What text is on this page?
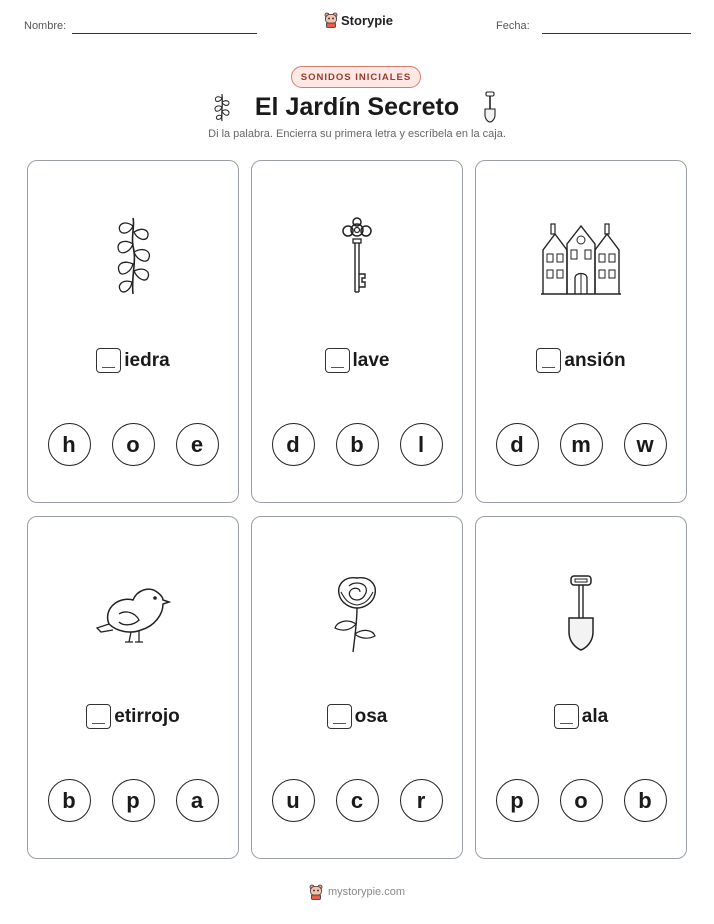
Nombre:	Storypie	Fecha:
SONIDOS INICIALES
El Jardín Secreto
Di la palabra. Encierra su primera letra y escríbela en la caja.
iedra
h	o	e
lave
d	b	l
ansión
d	m	w
etirrojo
b	p	a
osa
u	c	r
ala
p	o	b
mystorypie.com
